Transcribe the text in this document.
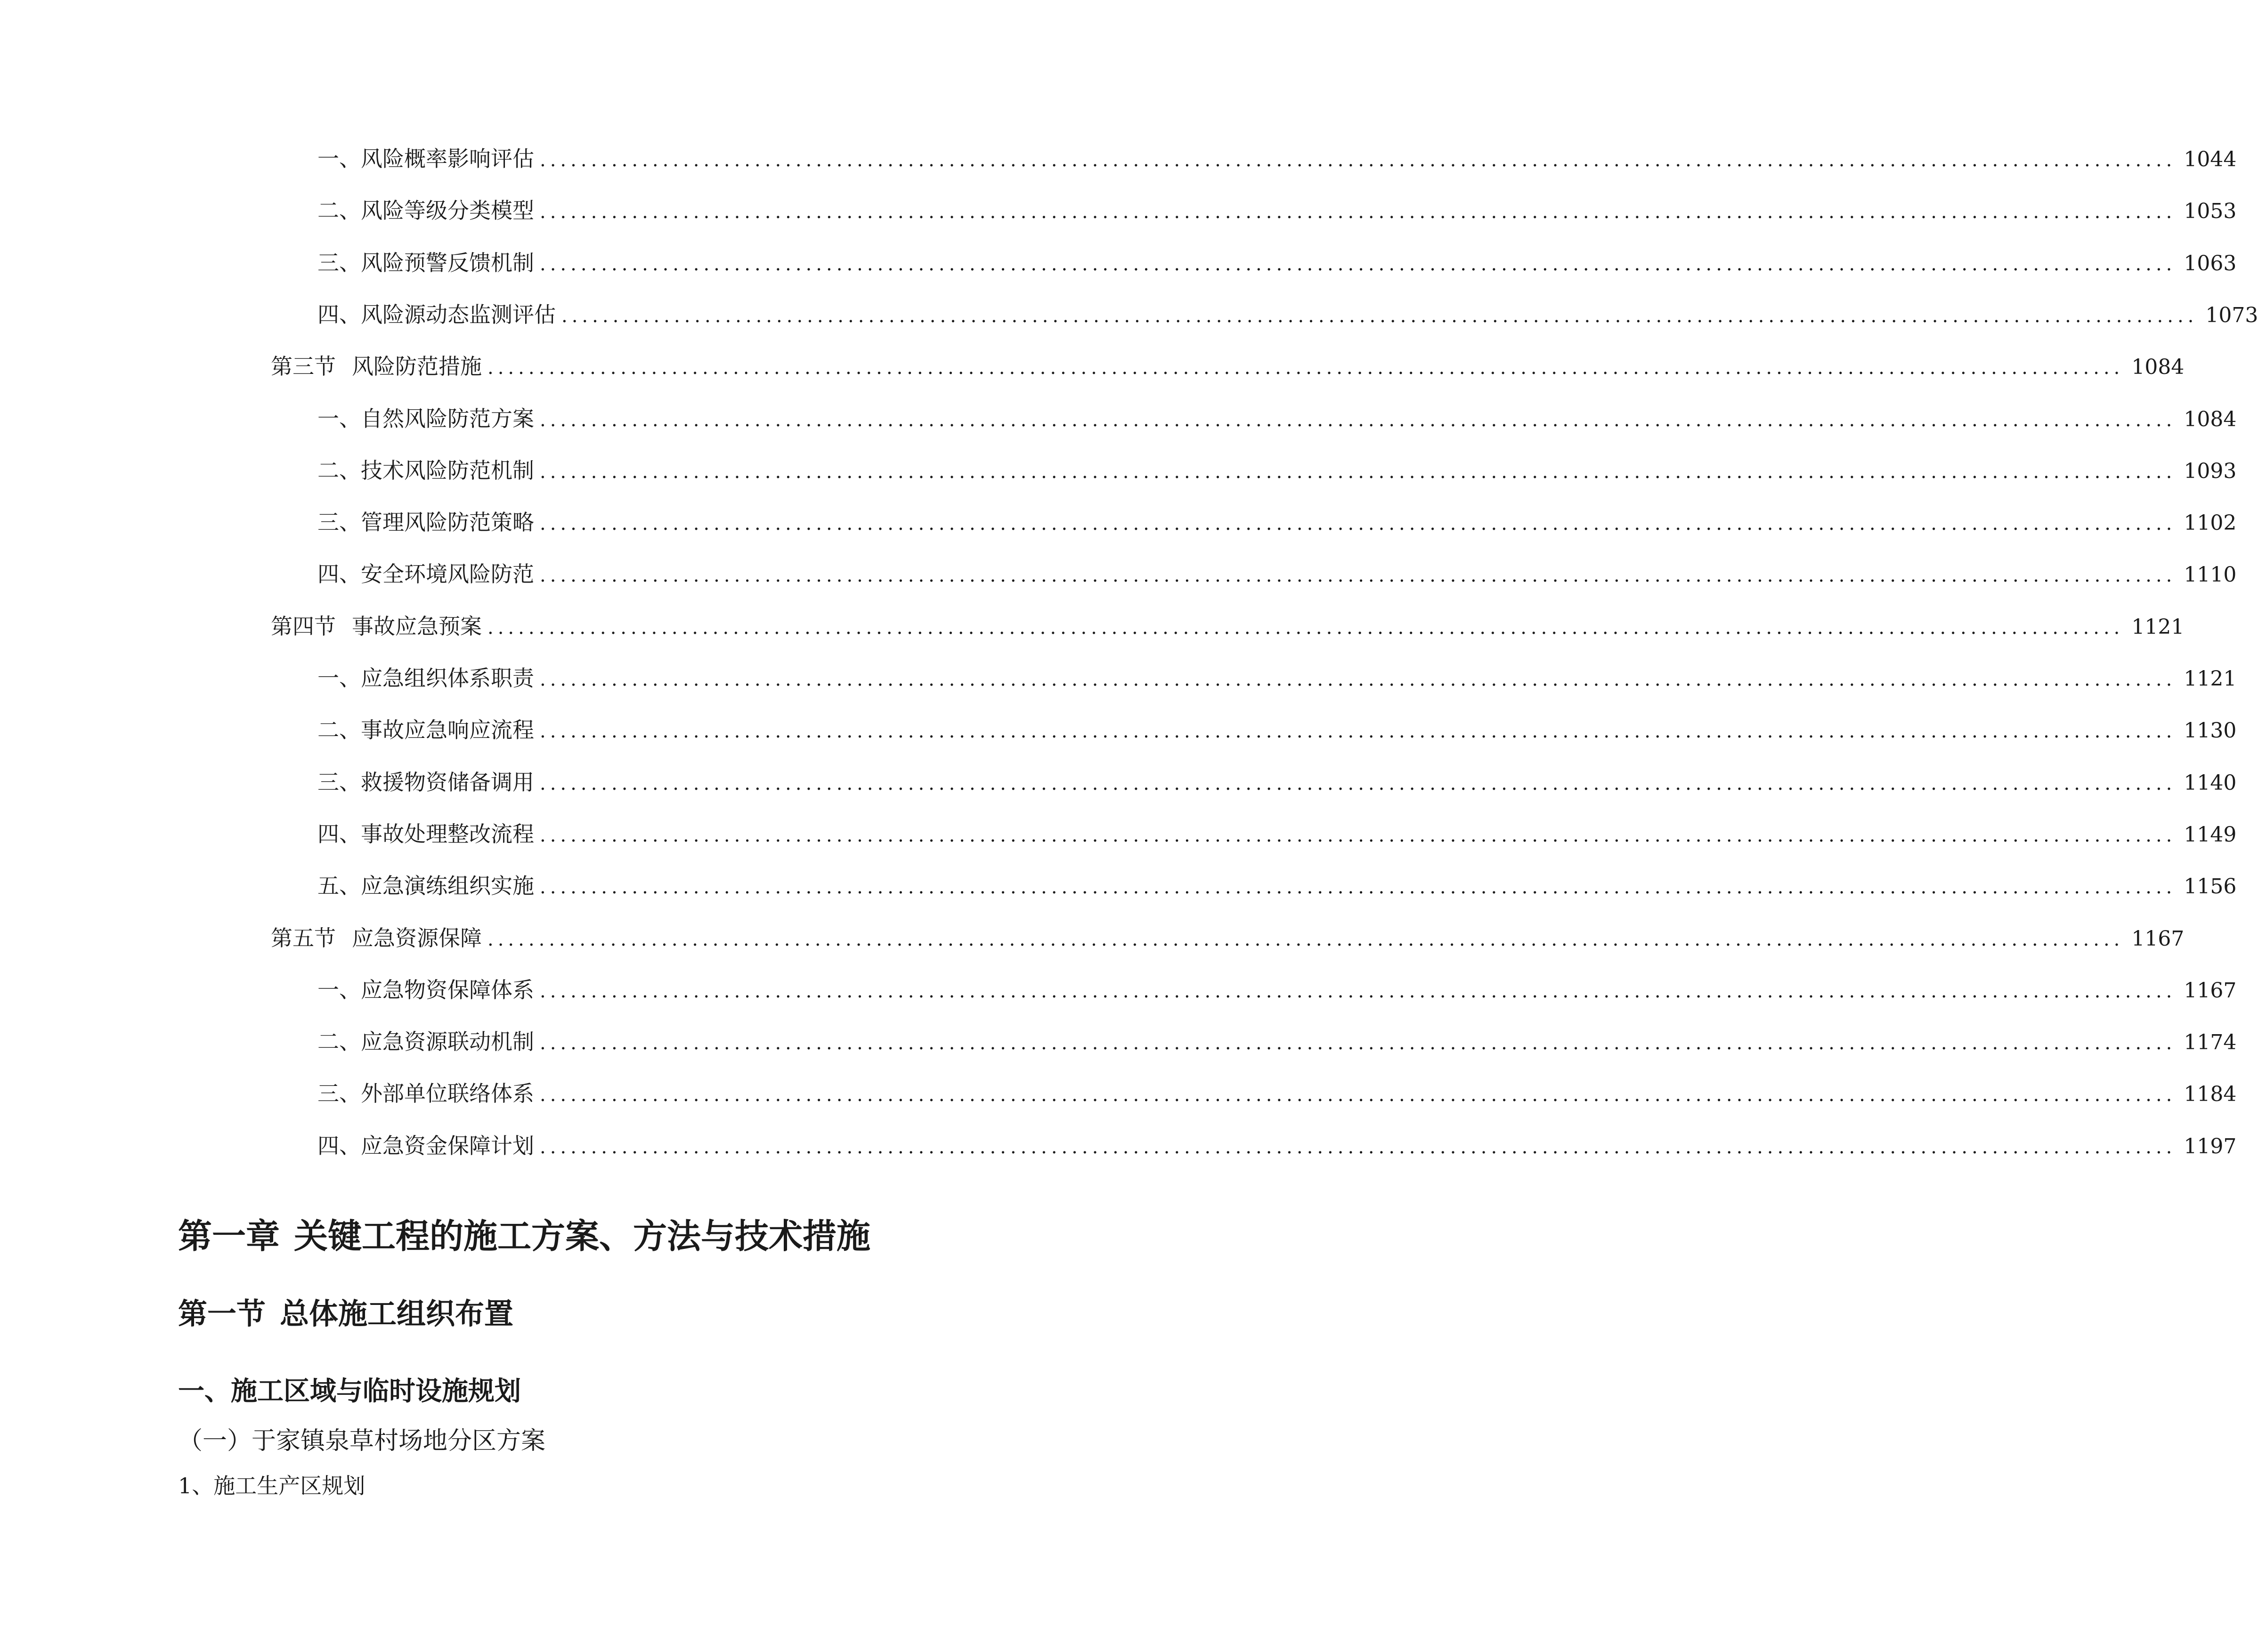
一、 风险概率影响评估 ................................................................................................................................................................ 1044
二、 风险等级分类模型 ................................................................................................................................................................ 1053
三、 风险预警反馈机制 ................................................................................................................................................................ 1063
四、 风险源动态监测评估 ................................................................................................................................................................ 1073
第三节 风险防范措施 ................................................................................................................................................................ 1084
一、 自然风险防范方案 ................................................................................................................................................................ 1084
二、 技术风险防范机制 ................................................................................................................................................................ 1093
三、 管理风险防范策略 ................................................................................................................................................................ 1102
四、 安全环境风险防范 ................................................................................................................................................................ 1110
第四节 事故应急预案 ................................................................................................................................................................ 1121
一、 应急组织体系职责 ................................................................................................................................................................ 1121
二、 事故应急响应流程 ................................................................................................................................................................ 1130
三、 救援物资储备调用 ................................................................................................................................................................ 1140
四、 事故处理整改流程 ................................................................................................................................................................ 1149
五、 应急演练组织实施 ................................................................................................................................................................ 1156
第五节 应急资源保障 ................................................................................................................................................................ 1167
一、 应急物资保障体系 ................................................................................................................................................................ 1167
二、 应急资源联动机制 ................................................................................................................................................................ 1174
三、 外部单位联络体系 ................................................................................................................................................................ 1184
四、 应急资金保障计划 ................................................................................................................................................................ 1197
第一章 关键工程的施工方案、方法与技术措施
第一节 总体施工组织布置
一、施工区域与临时设施规划
（一）于家镇泉草村场地分区方案
1、施工生产区规划
